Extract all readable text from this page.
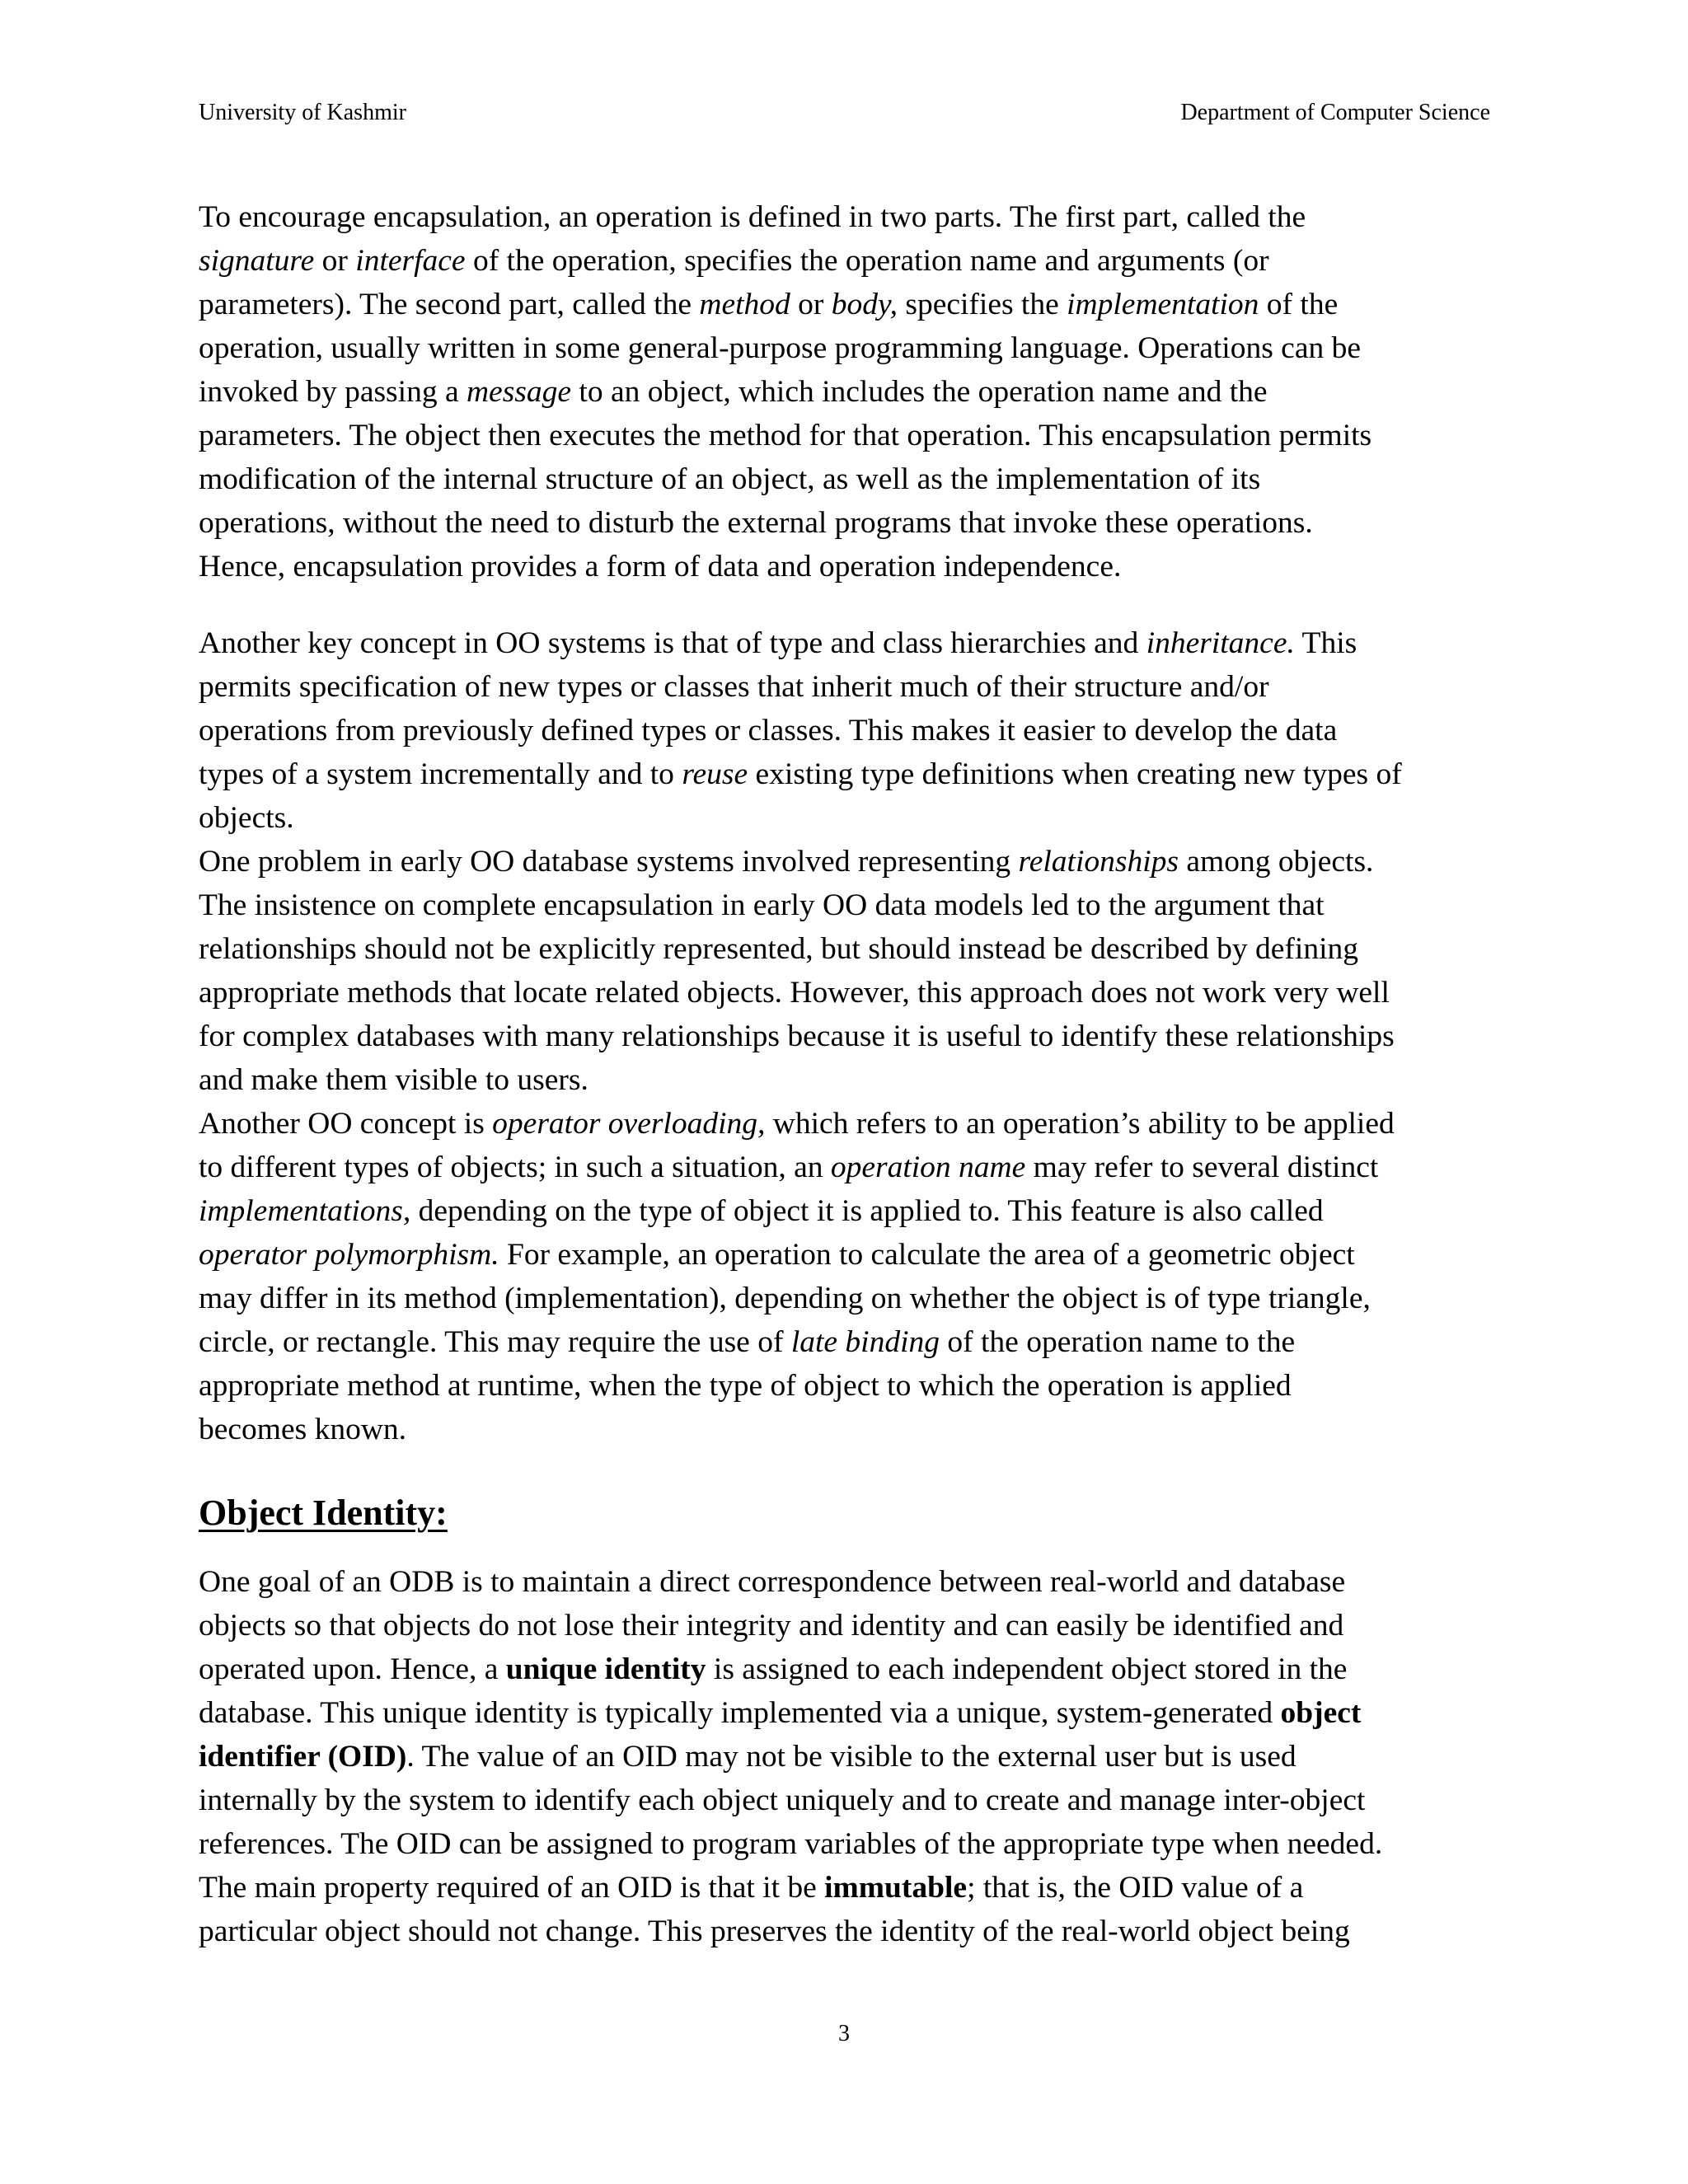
University of Kashmir	Department of Computer Science
To encourage encapsulation, an operation is defined in two parts. The first part, called the
signature or interface of the operation, specifies the operation name and arguments (or
parameters). The second part, called the method or body, specifies the implementation of the
operation, usually written in some general-purpose programming language. Operations can be
invoked by passing a message to an object, which includes the operation name and the
parameters. The object then executes the method for that operation. This encapsulation permits
modification of the internal structure of an object, as well as the implementation of its
operations, without the need to disturb the external programs that invoke these operations.
Hence, encapsulation provides a form of data and operation independence.
Another key concept in OO systems is that of type and class hierarchies and inheritance. This
permits specification of new types or classes that inherit much of their structure and/or
operations from previously defined types or classes. This makes it easier to develop the data
types of a system incrementally and to reuse existing type definitions when creating new types of
objects.
One problem in early OO database systems involved representing relationships among objects.
The insistence on complete encapsulation in early OO data models led to the argument that
relationships should not be explicitly represented, but should instead be described by defining
appropriate methods that locate related objects. However, this approach does not work very well
for complex databases with many relationships because it is useful to identify these relationships
and make them visible to users.
Another OO concept is operator overloading, which refers to an operation’s ability to be applied
to different types of objects; in such a situation, an operation name may refer to several distinct
implementations, depending on the type of object it is applied to. This feature is also called
operator polymorphism. For example, an operation to calculate the area of a geometric object
may differ in its method (implementation), depending on whether the object is of type triangle,
circle, or rectangle. This may require the use of late binding of the operation name to the
appropriate method at runtime, when the type of object to which the operation is applied
becomes known.
Object Identity:
One goal of an ODB is to maintain a direct correspondence between real-world and database
objects so that objects do not lose their integrity and identity and can easily be identified and
operated upon. Hence, a unique identity is assigned to each independent object stored in the
database. This unique identity is typically implemented via a unique, system-generated object
identifier (OID). The value of an OID may not be visible to the external user but is used
internally by the system to identify each object uniquely and to create and manage inter-object
references. The OID can be assigned to program variables of the appropriate type when needed.
The main property required of an OID is that it be immutable; that is, the OID value of a
particular object should not change. This preserves the identity of the real-world object being
3
